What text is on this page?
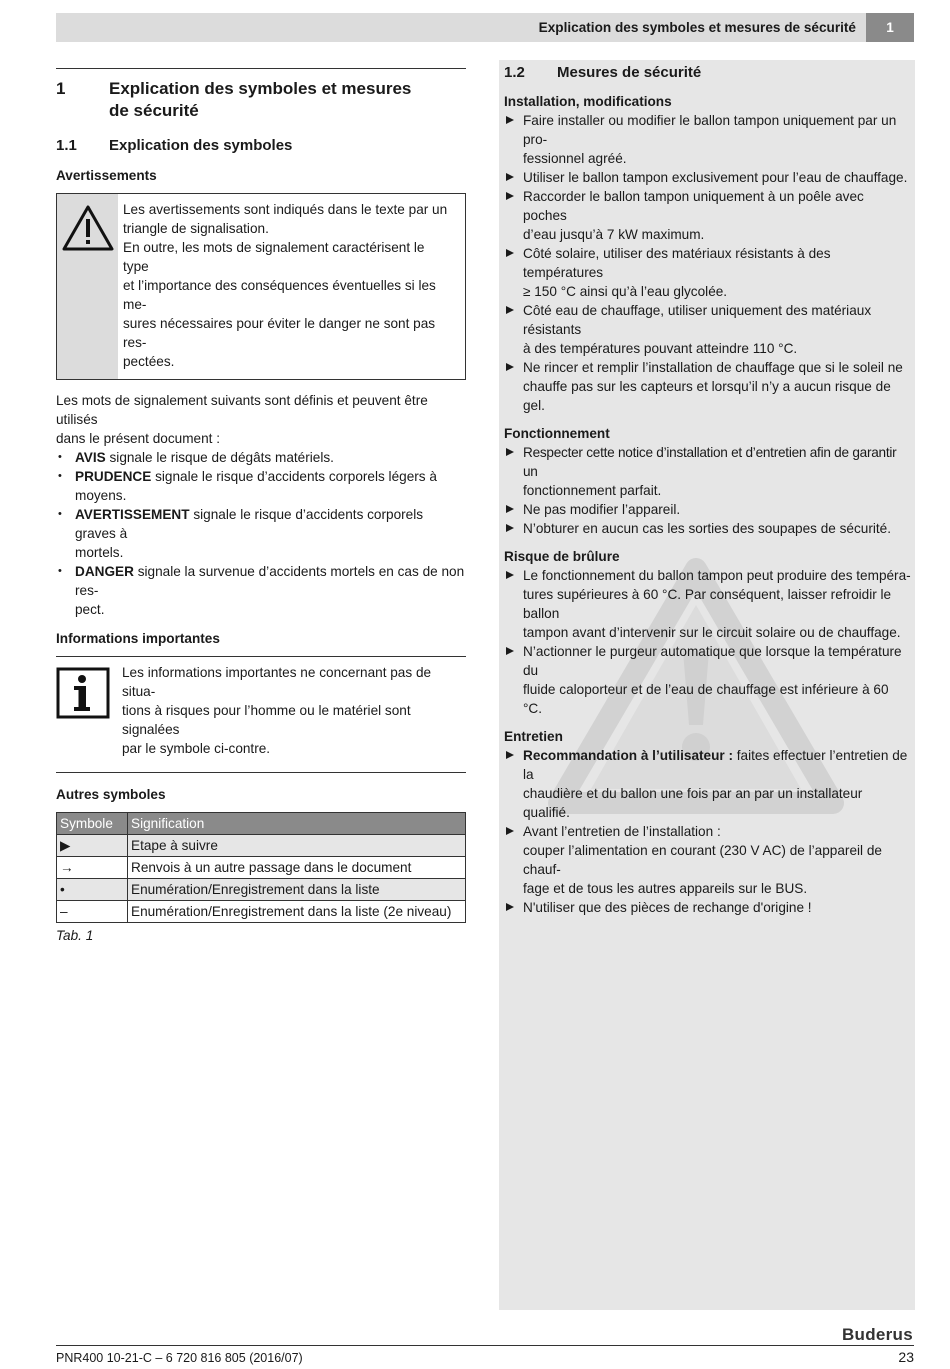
Explication des symboles et mesures de sécurité	1
1	Explication des symboles et mesures
de sécurité
1.1	Explication des symboles
Avertissements
Les avertissements sont indiqués dans le texte par un
triangle de signalisation.
En outre, les mots de signalement caractérisent le type
et l’importance des conséquences éventuelles si les me-
sures nécessaires pour éviter le danger ne sont pas res-
pectées.
Les mots de signalement suivants sont définis et peuvent être utilisés
dans le présent document :
• AVIS signale le risque de dégâts matériels.
• PRUDENCE signale le risque d’accidents corporels légers à moyens.
• AVERTISSEMENT signale le risque d’accidents corporels graves à
mortels.
• DANGER signale la survenue d’accidents mortels en cas de non res-
pect.
Informations importantes
Les informations importantes ne concernant pas de situa-
tions à risques pour l’homme ou le matériel sont signalées
par le symbole ci-contre.
Autres symboles
Symbole	Signification
▶	Etape à suivre
→	Renvois à un autre passage dans le document
•	Enumération/Enregistrement dans la liste
–	Enumération/Enregistrement dans la liste (2e niveau)
Tab. 1
1.2	Mesures de sécurité
Installation, modifications
Faire installer ou modifier le ballon tampon uniquement par un pro-
fessionnel agréé.
Utiliser le ballon tampon exclusivement pour l’eau de chauffage.
Raccorder le ballon tampon uniquement à un poêle avec poches
d’eau jusqu’à 7 kW maximum.
Côté solaire, utiliser des matériaux résistants à des températures
≥ 150 °C ainsi qu’à l’eau glycolée.
Côté eau de chauffage, utiliser uniquement des matériaux résistants
à des températures pouvant atteindre 110 °C.
Ne rincer et remplir l’installation de chauffage que si le soleil ne
chauffe pas sur les capteurs et lorsqu’il n’y a aucun risque de gel.
Fonctionnement
Respecter cette notice d’installation et d’entretien afin de garantir un
fonctionnement parfait.
Ne pas modifier l’appareil.
N’obturer en aucun cas les sorties des soupapes de sécurité.
Risque de brûlure
Le fonctionnement du ballon tampon peut produire des tempéra-
tures supérieures à 60 °C. Par conséquent, laisser refroidir le ballon
tampon avant d’intervenir sur le circuit solaire ou de chauffage.
N’actionner le purgeur automatique que lorsque la température du
fluide caloporteur et de l’eau de chauffage est inférieure à 60 °C.
Entretien
Recommandation à l’utilisateur : faites effectuer l’entretien de la
chaudière et du ballon une fois par an par un installateur qualifié.
Avant l’entretien de l’installation :
couper l’alimentation en courant (230 V AC) de l’appareil de chauf-
fage et de tous les autres appareils sur le BUS.
N'utiliser que des pièces de rechange d'origine !
Buderus
PNR400 10-21-C – 6 720 816 805 (2016/07)	23
